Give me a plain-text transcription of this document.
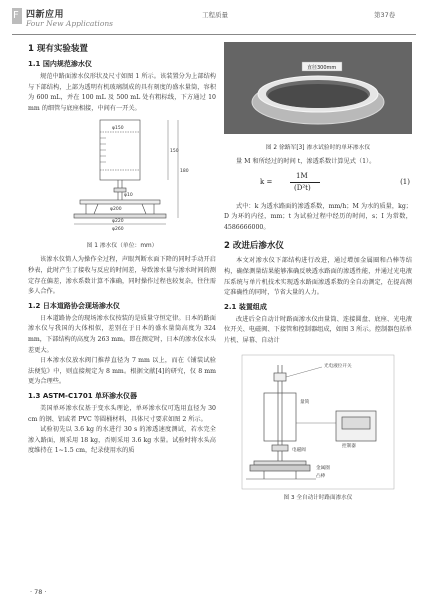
F 四新应用
Four New Applications
工程质量	第37卷
1 现有实验装置
1.1 国内规范渗水仪

规范中路面渗水仪形状及尺寸如图 1 所示。该装置分为上部结构与下部结构，上部为透明有机玻璃制成的具有刻度的盛水量筒，容积为 600 mL，并在 100 mL 及 500 mL 处有粗标线，下方通过 10 mm 的细管与底座相接，中间有一开关。

φ10
φ150
φ200
φ220
φ260
150
180
图 1 渗水仪（单位：mm）

该渗水仪简人为操作全过程，声眼判断水面下降的同时手动开启秒表，此时产生了接收与反应的时间差，导致渗水量与渗水时间的测定存在偏差，渗水系数计算不准确，同时操作过程也较复杂，往往需多人合作。

1.2 日本道路协会现场渗水仪

日本道路协会的现场渗水仪按装的是质量守恒定律。日本的路面渗水仪与我国的大体相似，差别在于日本的盛水量筒高度为 324 mm，下部结构的高度为 263 mm。即在测定时，日本的渗水仪水头差更大。

日本渗水仪放水阀门推荐直径为 7 mm 以上，而在《铺装试验法便览》中，则直接规定为 8 mm。根据文献[4]的研究，仅 8 mm 更为合理些。

1.3 ASTM-C1701 单环渗水仪器

美国单环渗水仪基于变水头理论，单环渗水仪可选用直径为 30 cm 的钢、铝或者 PVC 等圆桶材料，具体尺寸要求如图 2 所示。

试验初先以 3.6 kg 的水进行 30 s 的渗透速度测试，若水完全渗入路面，则采用 18 kg，否则采用 3.6 kg 水量。试验时将水头高度维持在 1~1.5 cm，纪录使用水的质

直径300mm
图 2 徐路军[3] 渗水试验时的单环渗水仪

量 M 和所经过的时间 t，渗透系数计算见式（1）。

k =
1M
(D²t)
(1)

式中：k 为透水路面的渗透系数，mm/h；M 为水的质量，kg；D 为环的内径，mm；t 为试验过程中经历的时间，s；I 为常数，4586666000。

2 改进后渗水仪

本文对渗水仪下部结构进行改进，通过增加金属圈和凸棒等结构，确保测量结果能够准确反映透水路面的渗透性能，并通过光电液压系统与单片机技术实现透水路面渗透系数的全自动测定，在提高测定准确性的同时，节省大量的人力。

2.1 装置组成

改进后全自动计时路面渗水仪由量筒、连接圆盘、底座、光电液位开关、电磁阀、下接管和控制器组成，如图 3 所示。控制器包括单片机、屏幕、自动计

光电液位开关
量筒
控制器
电磁阀
金属圈
凸棒
图 3 全自动计时路面渗水仪
· 78 ·
